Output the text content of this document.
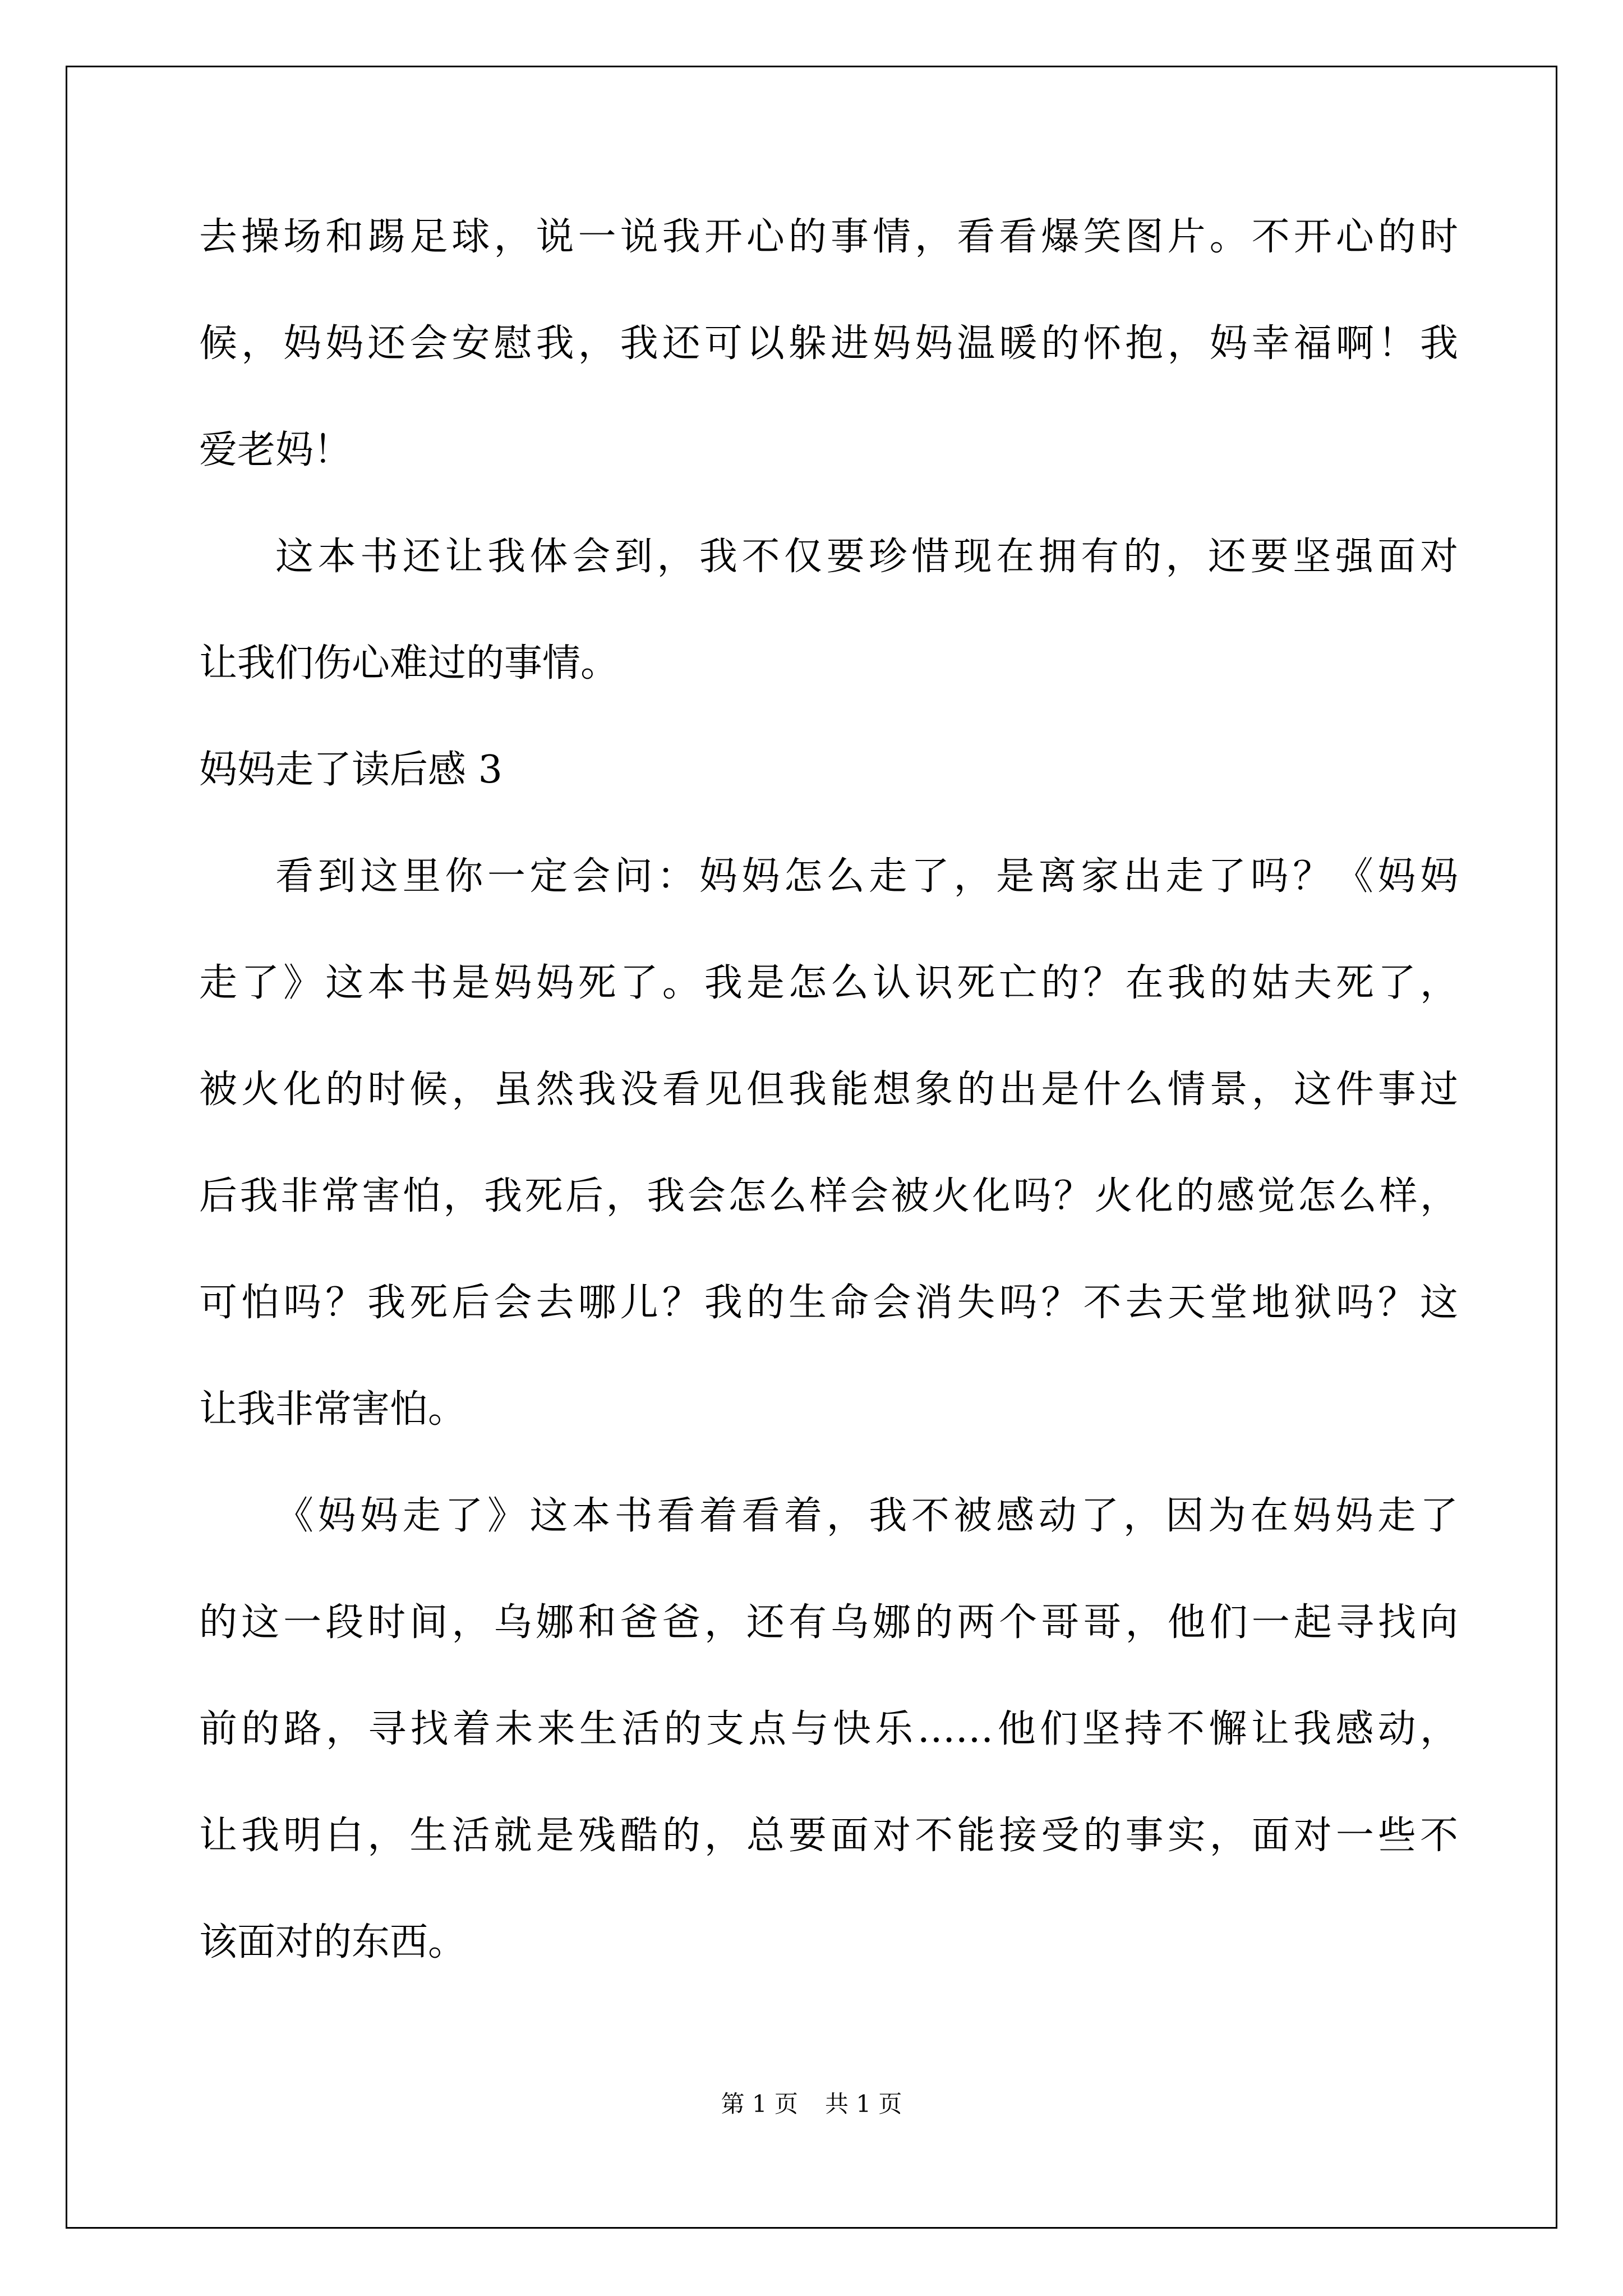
去操场和踢足球，说一说我开心的事情，看看爆笑图片。不开心的时
候，妈妈还会安慰我，我还可以躲进妈妈温暖的怀抱，妈幸福啊！我
爱老妈！
这本书还让我体会到，我不仅要珍惜现在拥有的，还要坚强面对
让我们伤心难过的事情。
妈妈走了读后感 3
看到这里你一定会问：妈妈怎么走了，是离家出走了吗？《妈妈
走了》这本书是妈妈死了。我是怎么认识死亡的？在我的姑夫死了，
被火化的时候，虽然我没看见但我能想象的出是什么情景，这件事过
后我非常害怕，我死后，我会怎么样会被火化吗？火化的感觉怎么样，
可怕吗？我死后会去哪儿？我的生命会消失吗？不去天堂地狱吗？这
让我非常害怕。
《妈妈走了》这本书看着看着，我不被感动了，因为在妈妈走了
的这一段时间，乌娜和爸爸，还有乌娜的两个哥哥，他们一起寻找向
前的路，寻找着未来生活的支点与快乐……他们坚持不懈让我感动，
让我明白，生活就是残酷的，总要面对不能接受的事实，面对一些不
该面对的东西。
第 1 页 共 1 页
